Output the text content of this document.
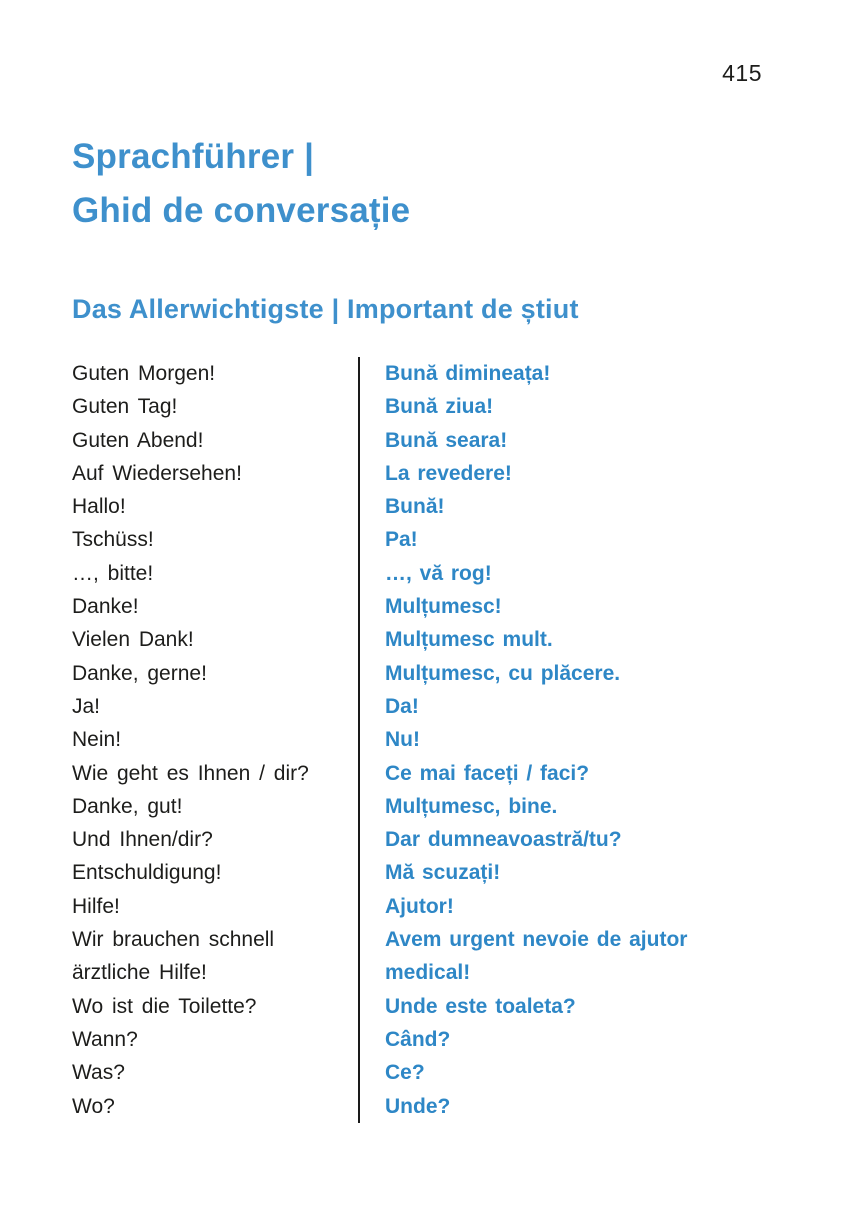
415
Sprachführer |
Ghid de conversație
Das Allerwichtigste | Important de știut
Guten Morgen!	Bună dimineața!
Guten Tag!	Bună ziua!
Guten Abend!	Bună seara!
Auf Wiedersehen!	La revedere!
Hallo!	Bună!
Tschüss!	Pa!
…, bitte!	…, vă rog!
Danke!	Mulțumesc!
Vielen Dank!	Mulțumesc mult.
Danke, gerne!	Mulțumesc, cu plăcere.
Ja!	Da!
Nein!	Nu!
Wie geht es Ihnen / dir?	Ce mai faceți / faci?
Danke, gut!	Mulțumesc, bine.
Und Ihnen/dir?	Dar dumneavoastră/tu?
Entschuldigung!	Mă scuzați!
Hilfe!	Ajutor!
Wir brauchen schnell	Avem urgent nevoie de ajutor
ärztliche Hilfe!	medical!
Wo ist die Toilette?	Unde este toaleta?
Wann?	Când?
Was?	Ce?
Wo?	Unde?
